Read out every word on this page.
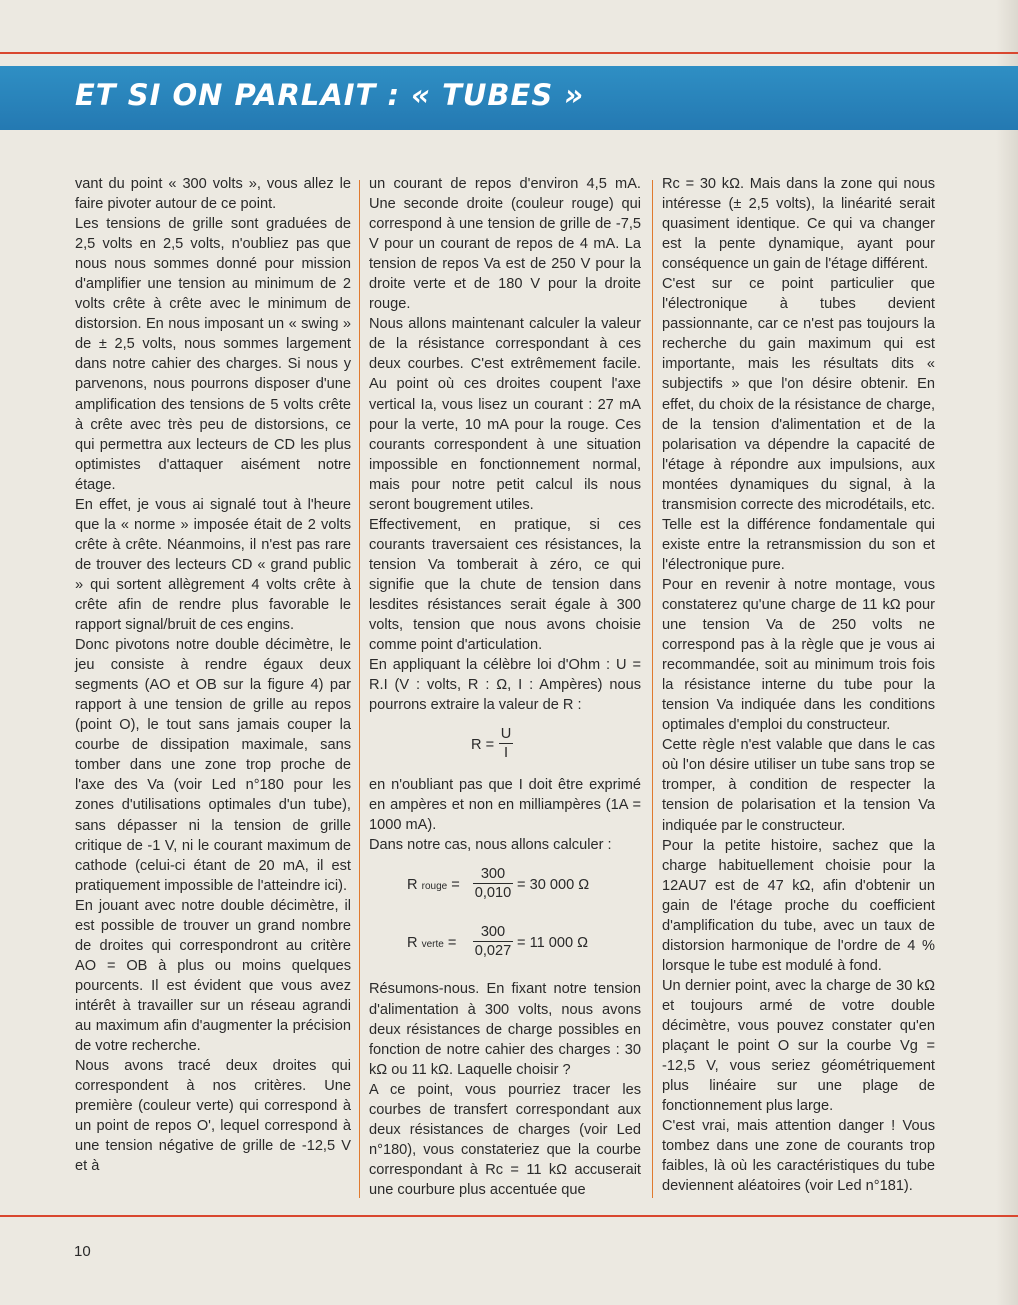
ET SI ON PARLAIT : « TUBES »

vant du point « 300 volts », vous allez le faire pivoter autour de ce point.

Les tensions de grille sont graduées de 2,5 volts en 2,5 volts, n'oubliez pas que nous nous sommes donné pour mission d'amplifier une tension au minimum de 2 volts crête à crête avec le minimum de distorsion. En nous imposant un « swing » de ± 2,5 volts, nous sommes largement dans notre cahier des charges. Si nous y parvenons, nous pourrons disposer d'une amplification des tensions de 5 volts crête à crête avec très peu de distorsions, ce qui permettra aux lecteurs de CD les plus optimistes d'attaquer aisément notre étage.

En effet, je vous ai signalé tout à l'heure que la « norme » imposée était de 2 volts crête à crête. Néanmoins, il n'est pas rare de trouver des lecteurs CD « grand public » qui sortent allègrement 4 volts crête à crête afin de rendre plus favorable le rapport signal/bruit de ces engins.

Donc pivotons notre double décimètre, le jeu consiste à rendre égaux deux segments (AO et OB sur la figure 4) par rapport à une tension de grille au repos (point O), le tout sans jamais couper la courbe de dissipation maximale, sans tomber dans une zone trop proche de l'axe des Va (voir Led n°180 pour les zones d'utilisations optimales d'un tube), sans dépasser ni la tension de grille critique de -1 V, ni le courant maximum de cathode (celui-ci étant de 20 mA, il est pratiquement impossible de l'atteindre ici).

En jouant avec notre double décimètre, il est possible de trouver un grand nombre de droites qui correspondront au critère AO = OB à plus ou moins quelques pourcents. Il est évident que vous avez intérêt à travailler sur un réseau agrandi au maximum afin d'augmenter la précision de votre recherche.

Nous avons tracé deux droites qui correspondent à nos critères. Une première (couleur verte) qui correspond à un point de repos O', lequel correspond à une tension négative de grille de -12,5 V et à

un courant de repos d'environ 4,5 mA. Une seconde droite (couleur rouge) qui correspond à une tension de grille de -7,5 V pour un courant de repos de 4 mA. La tension de repos Va est de 250 V pour la droite verte et de 180 V pour la droite rouge.

Nous allons maintenant calculer la valeur de la résistance correspondant à ces deux courbes. C'est extrêmement facile. Au point où ces droites coupent l'axe vertical Ia, vous lisez un courant : 27 mA pour la verte, 10 mA pour la rouge. Ces courants correspondent à une situation impossible en fonctionnement normal, mais pour notre petit calcul ils nous seront bougrement utiles.

Effectivement, en pratique, si ces courants traversaient ces résistances, la tension Va tomberait à zéro, ce qui signifie que la chute de tension dans lesdites résistances serait égale à 300 volts, tension que nous avons choisie comme point d'articulation.

En appliquant la célèbre loi d'Ohm : U = R.I (V : volts, R : Ω, I : Ampères) nous pourrons extraire la valeur de R :

R =
U
I

en n'oubliant pas que I doit être exprimé en ampères et non en milliampères (1A = 1000 mA).

Dans notre cas, nous allons calculer :

R rouge =
300
0,010 = 30 000 Ω
R verte =
300
0,027 = 11 000 Ω

Résumons-nous. En fixant notre tension d'alimentation à 300 volts, nous avons deux résistances de charge possibles en fonction de notre cahier des charges : 30 kΩ ou 11 kΩ. Laquelle choisir ?

A ce point, vous pourriez tracer les courbes de transfert correspondant aux deux résistances de charges (voir Led n°180), vous constateriez que la courbe correspondant à Rc = 11 kΩ accuserait une courbure plus accentuée que

Rc = 30 kΩ. Mais dans la zone qui nous intéresse (± 2,5 volts), la linéarité serait quasiment identique. Ce qui va changer est la pente dynamique, ayant pour conséquence un gain de l'étage différent.

C'est sur ce point particulier que l'électronique à tubes devient passionnante, car ce n'est pas toujours la recherche du gain maximum qui est importante, mais les résultats dits « subjectifs » que l'on désire obtenir. En effet, du choix de la résistance de charge, de la tension d'alimentation et de la polarisation va dépendre la capacité de l'étage à répondre aux impulsions, aux montées dynamiques du signal, à la transmision correcte des microdétails, etc. Telle est la différence fondamentale qui existe entre la retransmission du son et l'électronique pure.

Pour en revenir à notre montage, vous constaterez qu'une charge de 11 kΩ pour une tension Va de 250 volts ne correspond pas à la règle que je vous ai recommandée, soit au minimum trois fois la résistance interne du tube pour la tension Va indiquée dans les conditions optimales d'emploi du constructeur.

Cette règle n'est valable que dans le cas où l'on désire utiliser un tube sans trop se tromper, à condition de respecter la tension de polarisation et la tension Va indiquée par le constructeur.

Pour la petite histoire, sachez que la charge habituellement choisie pour la 12AU7 est de 47 kΩ, afin d'obtenir un gain de l'étage proche du coefficient d'amplification du tube, avec un taux de distorsion harmonique de l'ordre de 4 % lorsque le tube est modulé à fond.

Un dernier point, avec la charge de 30 kΩ et toujours armé de votre double décimètre, vous pouvez constater qu'en plaçant le point O sur la courbe Vg = -12,5 V, vous seriez géométriquement plus linéaire sur une plage de fonctionnement plus large.

C'est vrai, mais attention danger ! Vous tombez dans une zone de courants trop faibles, là où les caractéristiques du tube deviennent aléatoires (voir Led n°181).

10
